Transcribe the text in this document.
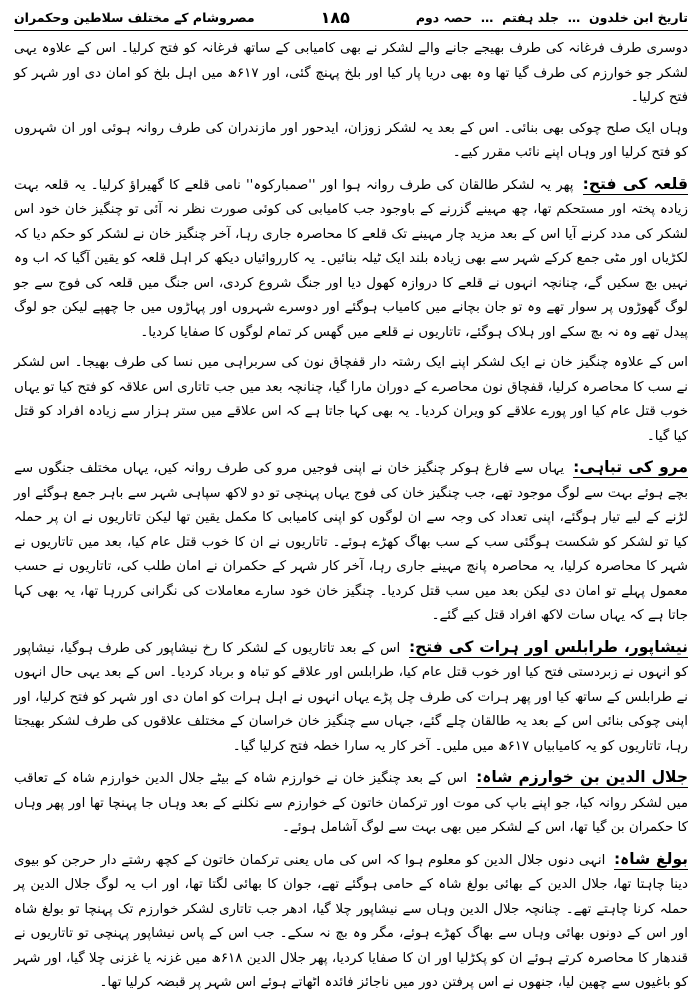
مصروشام کے مختلف سلاطین وحکمران	۱۸۵	تاریخ ابن خلدون  …  جلد ہفتم  …  حصہ دوم

دوسری طرف فرغانہ کی طرف بھیجے جانے والے لشکر نے بھی کامیابی کے ساتھ فرغانہ کو فتح کرلیا۔ اس کے علاوہ یہی لشکر جو خوارزم کی طرف گیا تھا وہ بھی دریا پار کیا اور بلخ پہنچ گئی، اور ۶۱۷ھ میں اہل بلخ کو امان دی اور شہر کو فتح کرلیا۔

وہاں ایک صلح چوکی بھی بنائی۔ اس کے بعد یہ لشکر زوزان، ایدحور اور مازندران کی طرف روانہ ہوئی اور ان شہروں کو فتح کرلیا اور وہاں اپنے نائب مقرر کیے۔

قلعہ کی فتح: پھر یہ لشکر طالقان کی طرف روانہ ہوا اور ''صمبارکوہ'' نامی قلعے کا گھیراؤ کرلیا۔ یہ قلعہ بہت زیادہ پختہ اور مستحکم تھا، چھ مہینے گزرنے کے باوجود جب کامیابی کی کوئی صورت نظر نہ آئی تو چنگیز خان خود اس لشکر کی مدد کرنے آیا اس کے بعد مزید چار مہینے تک قلعے کا محاصرہ جاری رہا، آخر چنگیز خان نے لشکر کو حکم دیا کہ لکڑیاں اور مٹی جمع کرکے شہر سے بھی زیادہ بلند ایک ٹیلہ بنائیں۔ یہ کارروائیاں دیکھ کر اہل قلعہ کو یقین آگیا کہ اب وہ نہیں بچ سکیں گے، چنانچہ انہوں نے قلعے کا دروازہ کھول دیا اور جنگ شروع کردی، اس جنگ میں قلعہ کی فوج سے جو لوگ گھوڑوں پر سوار تھے وہ تو جان بچانے میں کامیاب ہوگئے اور دوسرے شہروں اور پہاڑوں میں جا چھپے لیکن جو لوگ پیدل تھے وہ نہ بچ سکے اور ہلاک ہوگئے، تاتاریوں نے قلعے میں گھس کر تمام لوگوں کا صفایا کردیا۔

اس کے علاوہ چنگیز خان نے ایک لشکر اپنے ایک رشتہ دار قفچاق نون کی سربراہی میں نسا کی طرف بھیجا۔ اس لشکر نے سب کا محاصرہ کرلیا، قفچاق نون محاصرے کے دوران مارا گیا، چنانچہ بعد میں جب تاتاری اس علاقہ کو فتح کیا تو یہاں خوب قتل عام کیا اور پورے علاقے کو ویران کردیا۔ یہ بھی کہا جاتا ہے کہ اس علاقے میں ستر ہزار سے زیادہ افراد کو قتل کیا گیا۔

مرو کی تباہی: یہاں سے فارغ ہوکر چنگیز خان نے اپنی فوجیں مرو کی طرف روانہ کیں، یہاں مختلف جنگوں سے بچے ہوئے بہت سے لوگ موجود تھے، جب چنگیز خان کی فوج یہاں پہنچی تو دو لاکھ سپاہی شہر سے باہر جمع ہوگئے اور لڑنے کے لیے تیار ہوگئے، اپنی تعداد کی وجہ سے ان لوگوں کو اپنی کامیابی کا مکمل یقین تھا لیکن تاتاریوں نے ان پر حملہ کیا تو لشکر کو شکست ہوگئی سب کے سب بھاگ کھڑے ہوئے۔ تاتاریوں نے ان کا خوب قتل عام کیا، بعد میں تاتاریوں نے شہر کا محاصرہ کرلیا، یہ محاصرہ پانچ مہینے جاری رہا، آخر کار شہر کے حکمران نے امان طلب کی، تاتاریوں نے حسب معمول پہلے تو امان دی لیکن بعد میں سب قتل کردیا۔ چنگیز خان خود سارے معاملات کی نگرانی کررہا تھا، یہ بھی کہا جاتا ہے کہ یہاں سات لاکھ افراد قتل کیے گئے۔

نیشاپور، طرابلس اور ہرات کی فتح: اس کے بعد تاتاریوں کے لشکر کا رخ نیشاپور کی طرف ہوگیا، نیشاپور کو انہوں نے زبردستی فتح کیا اور خوب قتل عام کیا، طرابلس اور علاقے کو تباہ و برباد کردیا۔ اس کے بعد یہی حال انہوں نے طرابلس کے ساتھ کیا اور پھر ہرات کی طرف چل پڑے یہاں انہوں نے اہل ہرات کو امان دی اور شہر کو فتح کرلیا، اور اپنی چوکی بنائی اس کے بعد یہ طالقان چلے گئے، جہاں سے چنگیز خان خراسان کے مختلف علاقوں کی طرف لشکر بھیجتا رہا، تاتاریوں کو یہ کامیابیاں ۶۱۷ھ میں ملیں۔ آخر کار یہ سارا خطہ فتح کرلیا گیا۔

جلال الدین بن خوارزم شاہ: اس کے بعد چنگیز خان نے خوارزم شاہ کے بیٹے جلال الدین خوارزم شاہ کے تعاقب میں لشکر روانہ کیا، جو اپنے باپ کی موت اور ترکمان خاتون کے خوارزم سے نکلنے کے بعد وہاں جا پہنچا تھا اور پھر وہاں کا حکمران بن گیا تھا، اس کے لشکر میں بھی بہت سے لوگ آشامل ہوئے۔

بولغ شاہ: انہی دنوں جلال الدین کو معلوم ہوا کہ اس کی ماں یعنی ترکمان خاتون کے کچھ رشتے دار حرجن کو بیوی دینا چاہتا تھا، جلال الدین کے بھائی بولغ شاہ کے حامی ہوگئے تھے، جوان کا بھائی لگتا تھا، اور اب یہ لوگ جلال الدین پر حملہ کرنا چاہتے تھے۔ چنانچہ جلال الدین وہاں سے نیشاپور چلا گیا، ادھر جب تاتاری لشکر خوارزم تک پہنچا تو بولغ شاہ اور اس کے دونوں بھائی وہاں سے بھاگ کھڑے ہوئے، مگر وہ بچ نہ سکے۔ جب اس کے پاس نیشاپور پہنچی تو تاتاریوں نے قندھار کا محاصرہ کرتے ہوئے ان کو پکڑلیا اور ان کا صفایا کردیا، پھر جلال الدین ۶۱۸ھ میں غزنہ یا غزنی چلا گیا، اور شہر کو باغیوں سے چھین لیا، جنھوں نے اس پرفتن دور میں ناجائز فائدہ اٹھاتے ہوئے اس شہر پر قبضہ کرلیا تھا۔
